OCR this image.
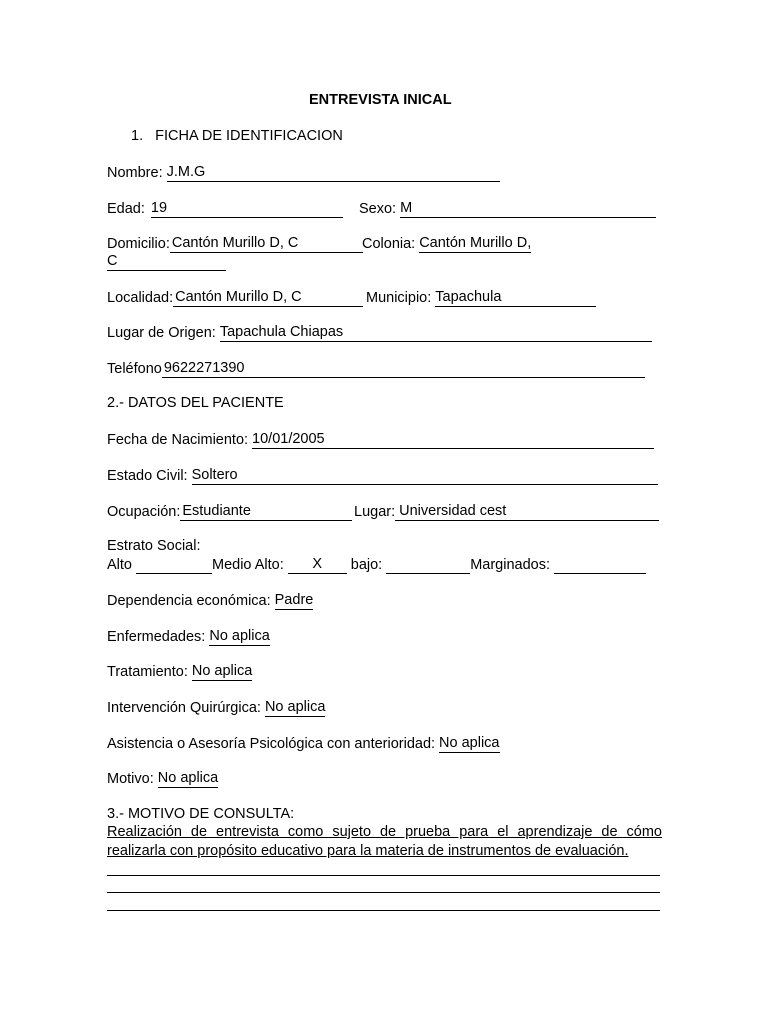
ENTREVISTA INICAL
1. FICHA DE IDENTIFICACION
Nombre: J.M.G
Edad: 19	Sexo: M
Domicilio: Cantón Murillo D, C	Colonia: Cantón Murillo D,
C
Localidad: Cantón Murillo D, C	Municipio: Tapachula
Lugar de Origen: Tapachula Chiapas
Teléfono 9622271390
2.- DATOS DEL PACIENTE
Fecha de Nacimiento: 10/01/2005
Estado Civil: Soltero
Ocupación: Estudiante	Lugar: Universidad cest
Estrato Social:
Alto	Medio Alto: X bajo:	Marginados:
Dependencia económica: Padre
Enfermedades: No aplica
Tratamiento: No aplica
Intervención Quirúrgica: No aplica
Asistencia o Asesoría Psicológica con anterioridad: No aplica
Motivo: No aplica
3.- MOTIVO DE CONSULTA:
Realización de entrevista como sujeto de prueba para el aprendizaje de cómo realizarla con propósito educativo para la materia de instrumentos de evaluación.
